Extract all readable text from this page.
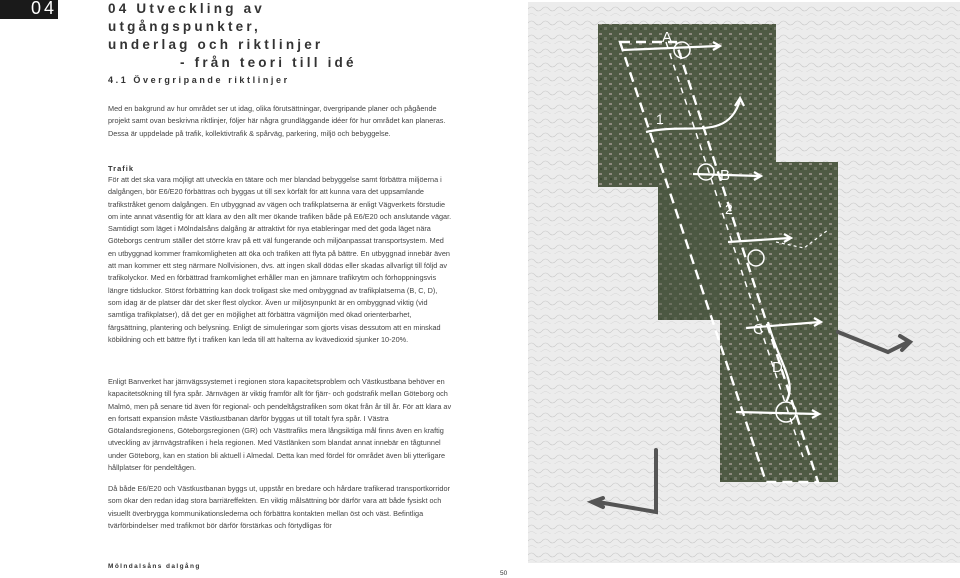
04	04 Utveckling av utgångspunkter,
underlag och riktlinjer
- från teori till idé
4.1 Övergripande riktlinjer

Med en bakgrund av hur området ser ut idag, olika förutsättningar, övergripande planer och pågående projekt samt ovan beskrivna riktlinjer, följer här några grundläggande idéer för hur området kan planeras. Dessa är uppdelade på trafik, kollektivtrafik & spårväg, parkering, miljö och bebyggelse.

Trafik

För att det ska vara möjligt att utveckla en tätare och mer blandad bebyggelse samt förbättra miljöerna i dalgången, bör E6/E20 förbättras och byggas ut till sex körfält för att kunna vara det uppsamlande trafikstråket genom dalgången. En utbyggnad av vägen och trafikplatserna är enligt Vägverkets förstudie om inte annat väsentlig för att klara av den allt mer ökande trafiken både på E6/E20 och anslutande vägar. Samtidigt som läget i Mölndalsåns dalgång är attraktivt för nya etableringar med det goda läget nära Göteborgs centrum ställer det större krav på ett väl fungerande och miljöanpassat transportsystem. Med en utbyggnad kommer framkomligheten att öka och trafiken att flyta på bättre. En utbyggnad innebär även att man kommer ett steg närmare Nollvisionen, dvs. att ingen skall dödas eller skadas allvarligt till följd av trafikolyckor. Med en förbättrad framkomlighet erhåller man en jämnare trafikrytm och förhoppningsvis längre tidsluckor. Störst förbättring kan dock troligast ske med ombyggnad av trafikplatserna (B, C, D), som idag är de platser där det sker flest olyckor. Även ur miljösynpunkt är en ombyggnad viktig (vid samtliga trafikplatser), då det ger en möjlighet att förbättra vägmiljön med ökad orienterbarhet, färgsättning, plantering och belysning. Enligt de simuleringar som gjorts visas dessutom att en minskad köbildning och ett bättre flyt i trafiken kan leda till att halterna av kvävedioxid sjunker 10-20%.

Enligt Banverket har järnvägssystemet i regionen stora kapacitetsproblem och Västkustbana behöver en kapacitetsökning till fyra spår. Järnvägen är viktig framför allt för fjärr- och godstrafik mellan Göteborg och Malmö, men på senare tid även för regional- och pendeltågstrafiken som ökat från år till år. För att klara av en fortsatt expansion måste Västkustbanan därför byggas ut till totalt fyra spår. I Västra Götalandsregionens, Göteborgsregionen (GR) och Västtrafiks mera långsiktiga mål finns även en kraftig utveckling av järnvägstrafiken i hela regionen. Med Västlänken som blandat annat innebär en tågtunnel under Göteborg, kan en station bli aktuell i Almedal. Detta kan med fördel för området även bli ytterligare hållplatser för pendeltågen.

Då både E6/E20 och Västkustbanan byggs ut, uppstår en bredare och hårdare trafikerad transportkorridor som ökar den redan idag stora barriäreffekten. En viktig målsättning bör därför vara att både fysiskt och visuellt överbrygga kommunikationslederna och förbättra kontakten mellan öst och väst. Befintliga tvärförbindelser med trafikmot bör därför förstärkas och förtydligas för

Mölndalsåns dalgång
50
A
1
B
2
C
D
